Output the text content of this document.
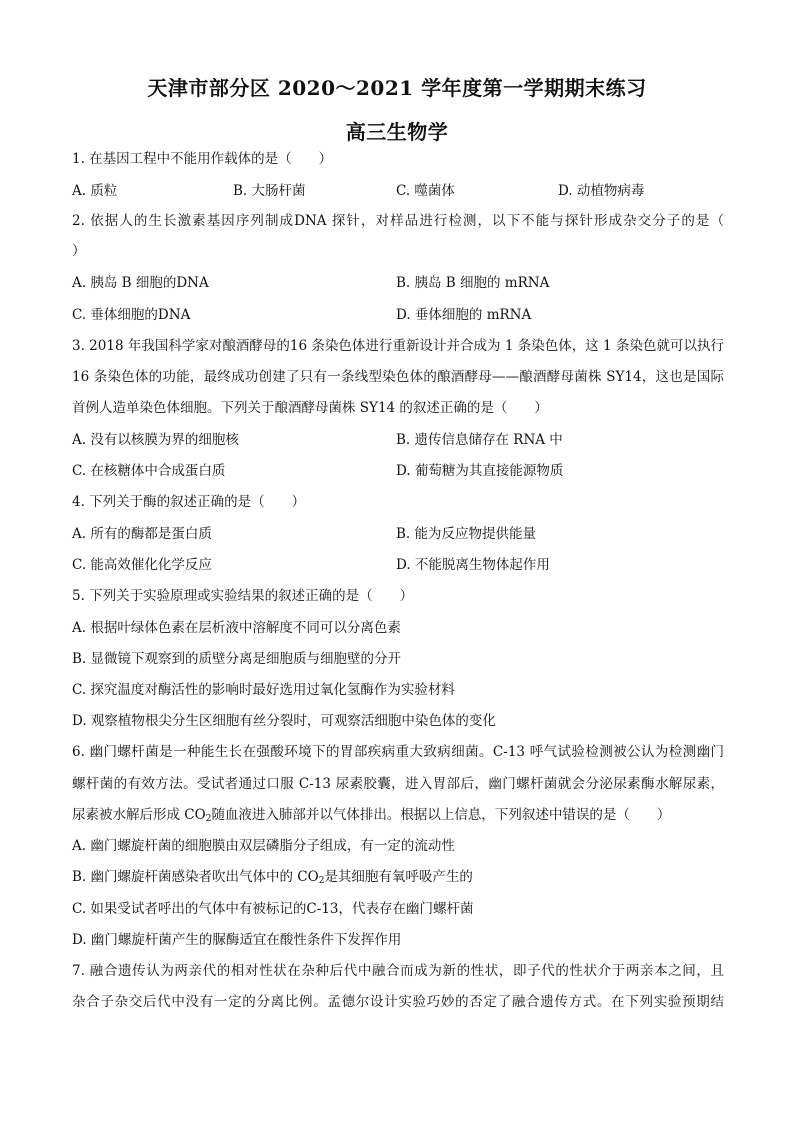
天津市部分区 2020～2021 学年度第一学期期末练习
高三生物学
1. 在基因工程中不能用作载体的是（　　）
A. 质粒	B. 大肠杆菌	C. 噬菌体	D. 动植物病毒
2. 依据人的生长激素基因序列制成DNA 探针，对样品进行检测，以下不能与探针形成杂交分子的是（
）
A. 胰岛 B 细胞的DNA	B. 胰岛 B 细胞的 mRNA
C. 垂体细胞的DNA	D. 垂体细胞的 mRNA
3. 2018 年我国科学家对酿酒酵母的16 条染色体进行重新设计并合成为 1 条染色体，这 1 条染色就可以执行
16 条染色体的功能，最终成功创建了只有一条线型染色体的酿酒酵母——酿酒酵母菌株 SY14，这也是国际
首例人造单染色体细胞。下列关于酿酒酵母菌株 SY14 的叙述正确的是（　　）
A. 没有以核膜为界的细胞核	B. 遗传信息储存在 RNA 中
C. 在核糖体中合成蛋白质	D. 葡萄糖为其直接能源物质
4. 下列关于酶的叙述正确的是（　　）
A. 所有的酶都是蛋白质	B. 能为反应物提供能量
C. 能高效催化化学反应	D. 不能脱离生物体起作用
5. 下列关于实验原理或实验结果的叙述正确的是（　　）
A. 根据叶绿体色素在层析液中溶解度不同可以分离色素
B. 显微镜下观察到的质壁分离是细胞质与细胞壁的分开
C. 探究温度对酶活性的影响时最好选用过氧化氢酶作为实验材料
D. 观察植物根尖分生区细胞有丝分裂时，可观察活细胞中染色体的变化
6. 幽门螺杆菌是一种能生长在强酸环境下的胃部疾病重大致病细菌。C-13 呼气试验检测被公认为检测幽门
螺杆菌的有效方法。受试者通过口服 C-13 尿素胶囊，进入胃部后，幽门螺杆菌就会分泌尿素酶水解尿素，
尿素被水解后形成 $CO_2$随血液进入肺部并以气体排出。根据以上信息，下列叙述中错误的是（　　）
A. 幽门螺旋杆菌的细胞膜由双层磷脂分子组成，有一定的流动性
B. 幽门螺旋杆菌感染者吹出气体中的 $CO_2$是其细胞有氧呼吸产生的
C. 如果受试者呼出的气体中有被标记的C-13，代表存在幽门螺杆菌
D. 幽门螺旋杆菌产生的脲酶适宜在酸性条件下发挥作用
7. 融合遗传认为两亲代的相对性状在杂种后代中融合而成为新的性状，即子代的性状介于两亲本之间，且
杂合子杂交后代中没有一定的分离比例。孟德尔设计实验巧妙的否定了融合遗传方式。在下列实验预期结
